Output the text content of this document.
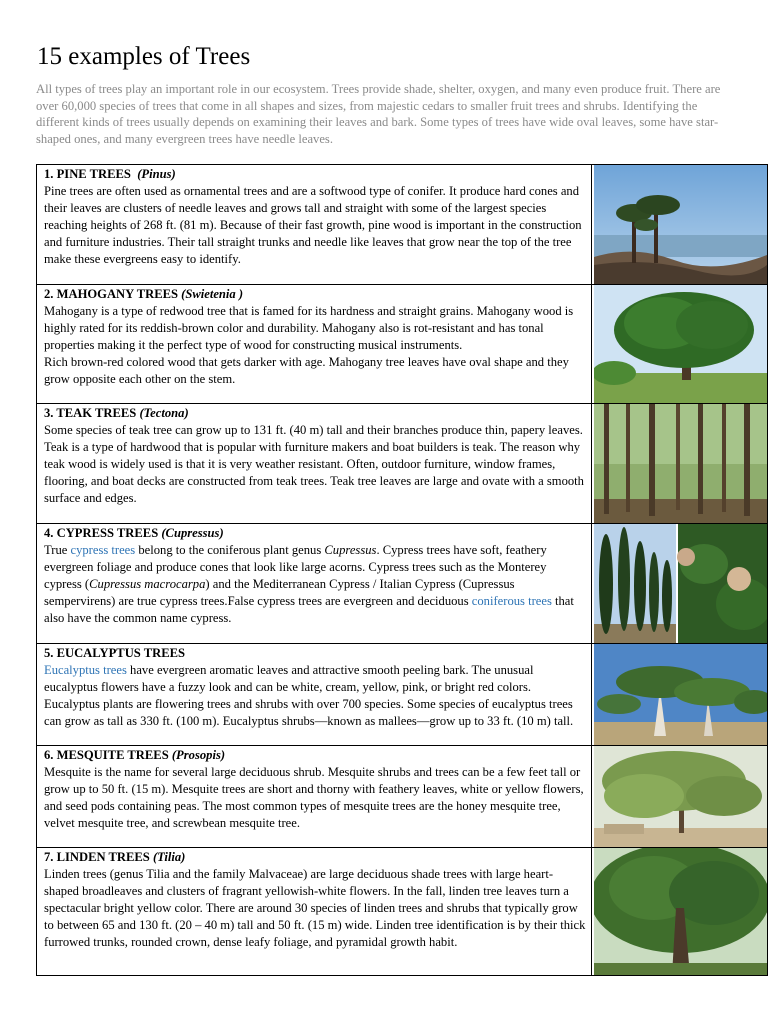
15 examples of Trees
All types of trees play an important role in our ecosystem. Trees provide shade, shelter, oxygen, and many even produce fruit. There are over 60,000 species of trees that come in all shapes and sizes, from majestic cedars to smaller fruit trees and shrubs. Identifying the different kinds of trees usually depends on examining their leaves and bark. Some types of trees have wide oval leaves, some have star-shaped ones, and many evergreen trees have needle leaves.
1. PINE TREES (Pinus)
Pine trees are often used as ornamental trees and are a softwood type of conifer. It produce hard cones and their leaves are clusters of needle leaves and grows tall and straight with some of the largest species reaching heights of 268 ft. (81 m). Because of their fast growth, pine wood is important in the construction and furniture industries. Their tall straight trunks and needle like leaves that grow near the top of the tree make these evergreens easy to identify.
2. MAHOGANY TREES (Swietenia )
Mahogany is a type of redwood tree that is famed for its hardness and straight grains. Mahogany wood is highly rated for its reddish-brown color and durability. Mahogany also is rot-resistant and has tonal properties making it the perfect type of wood for constructing musical instruments.
Rich brown-red colored wood that gets darker with age. Mahogany tree leaves have oval shape and they grow opposite each other on the stem.
3. TEAK TREES (Tectona)
Some species of teak tree can grow up to 131 ft. (40 m) tall and their branches produce thin, papery leaves.
Teak is a type of hardwood that is popular with furniture makers and boat builders is teak. The reason why teak wood is widely used is that it is very weather resistant. Often, outdoor furniture, window frames, flooring, and boat decks are constructed from teak trees. Teak tree leaves are large and ovate with a smooth surface and edges.
4. CYPRESS TREES (Cupressus)
True cypress trees belong to the coniferous plant genus Cupressus. Cypress trees have soft, feathery evergreen foliage and produce cones that look like large acorns. Cypress trees such as the Monterey cypress (Cupressus macrocarpa) and the Mediterranean Cypress / Italian Cypress (Cupressus sempervirens) are true cypress trees.False cypress trees are evergreen and deciduous coniferous trees that also have the common name cypress.
5. EUCALYPTUS TREES
Eucalyptus trees have evergreen aromatic leaves and attractive smooth peeling bark. The unusual eucalyptus flowers have a fuzzy look and can be white, cream, yellow, pink, or bright red colors. Eucalyptus plants are flowering trees and shrubs with over 700 species. Some species of eucalyptus trees can grow as tall as 330 ft. (100 m). Eucalyptus shrubs—known as mallees—grow up to 33 ft. (10 m) tall.
6. MESQUITE TREES (Prosopis)
Mesquite is the name for several large deciduous shrub. Mesquite shrubs and trees can be a few feet tall or grow up to 50 ft. (15 m). Mesquite trees are short and thorny with feathery leaves, white or yellow flowers, and seed pods containing peas. The most common types of mesquite trees are the honey mesquite tree, velvet mesquite tree, and screwbean mesquite tree.
7. LINDEN TREES (Tilia)
Linden trees (genus Tilia and the family Malvaceae) are large deciduous shade trees with large heart-shaped broadleaves and clusters of fragrant yellowish-white flowers. In the fall, linden tree leaves turn a spectacular bright yellow color. There are around 30 species of linden trees and shrubs that typically grow to between 65 and 130 ft. (20 – 40 m) tall and 50 ft. (15 m) wide. Linden tree identification is by their thick furrowed trunks, rounded crown, dense leafy foliage, and pyramidal growth habit.
